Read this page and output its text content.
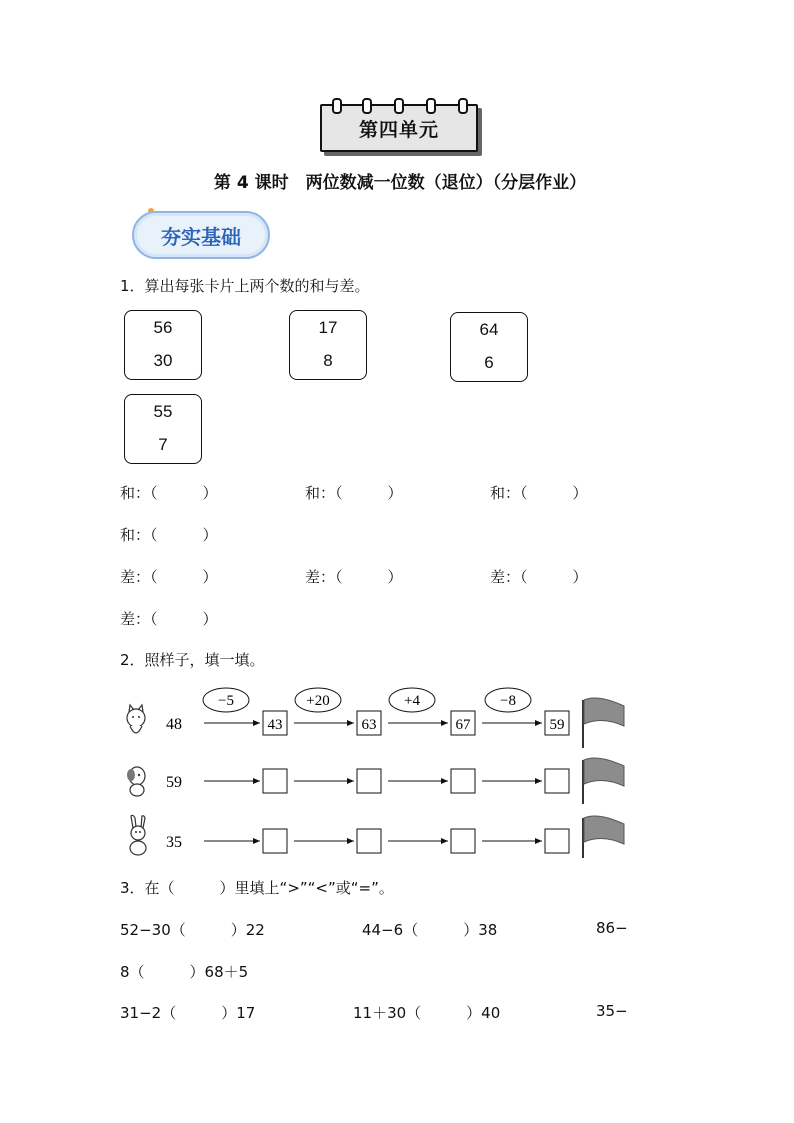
第四单元
第 4 课时　两位数减一位数（退位）（分层作业）
夯实基础
1．算出每张卡片上两个数的和与差。
56
30
17
8
64
6
55
7
和：（　　　）	和：（　　　）	和：（　　　）
和：（　　　）
差：（　　　）	差：（　　　）	差：（　　　）
差：（　　　）
2．照样子，填一填。
−5	+20	+4	−8
48	43	63	67	59
59
35
3．在（　　　）里填上“>”“<”或“=”。
52−30（　　　）22	44−6（　　　）38	86−
8（　　　）68＋5
31−2（　　　）17	11＋30（　　　）40	35−
